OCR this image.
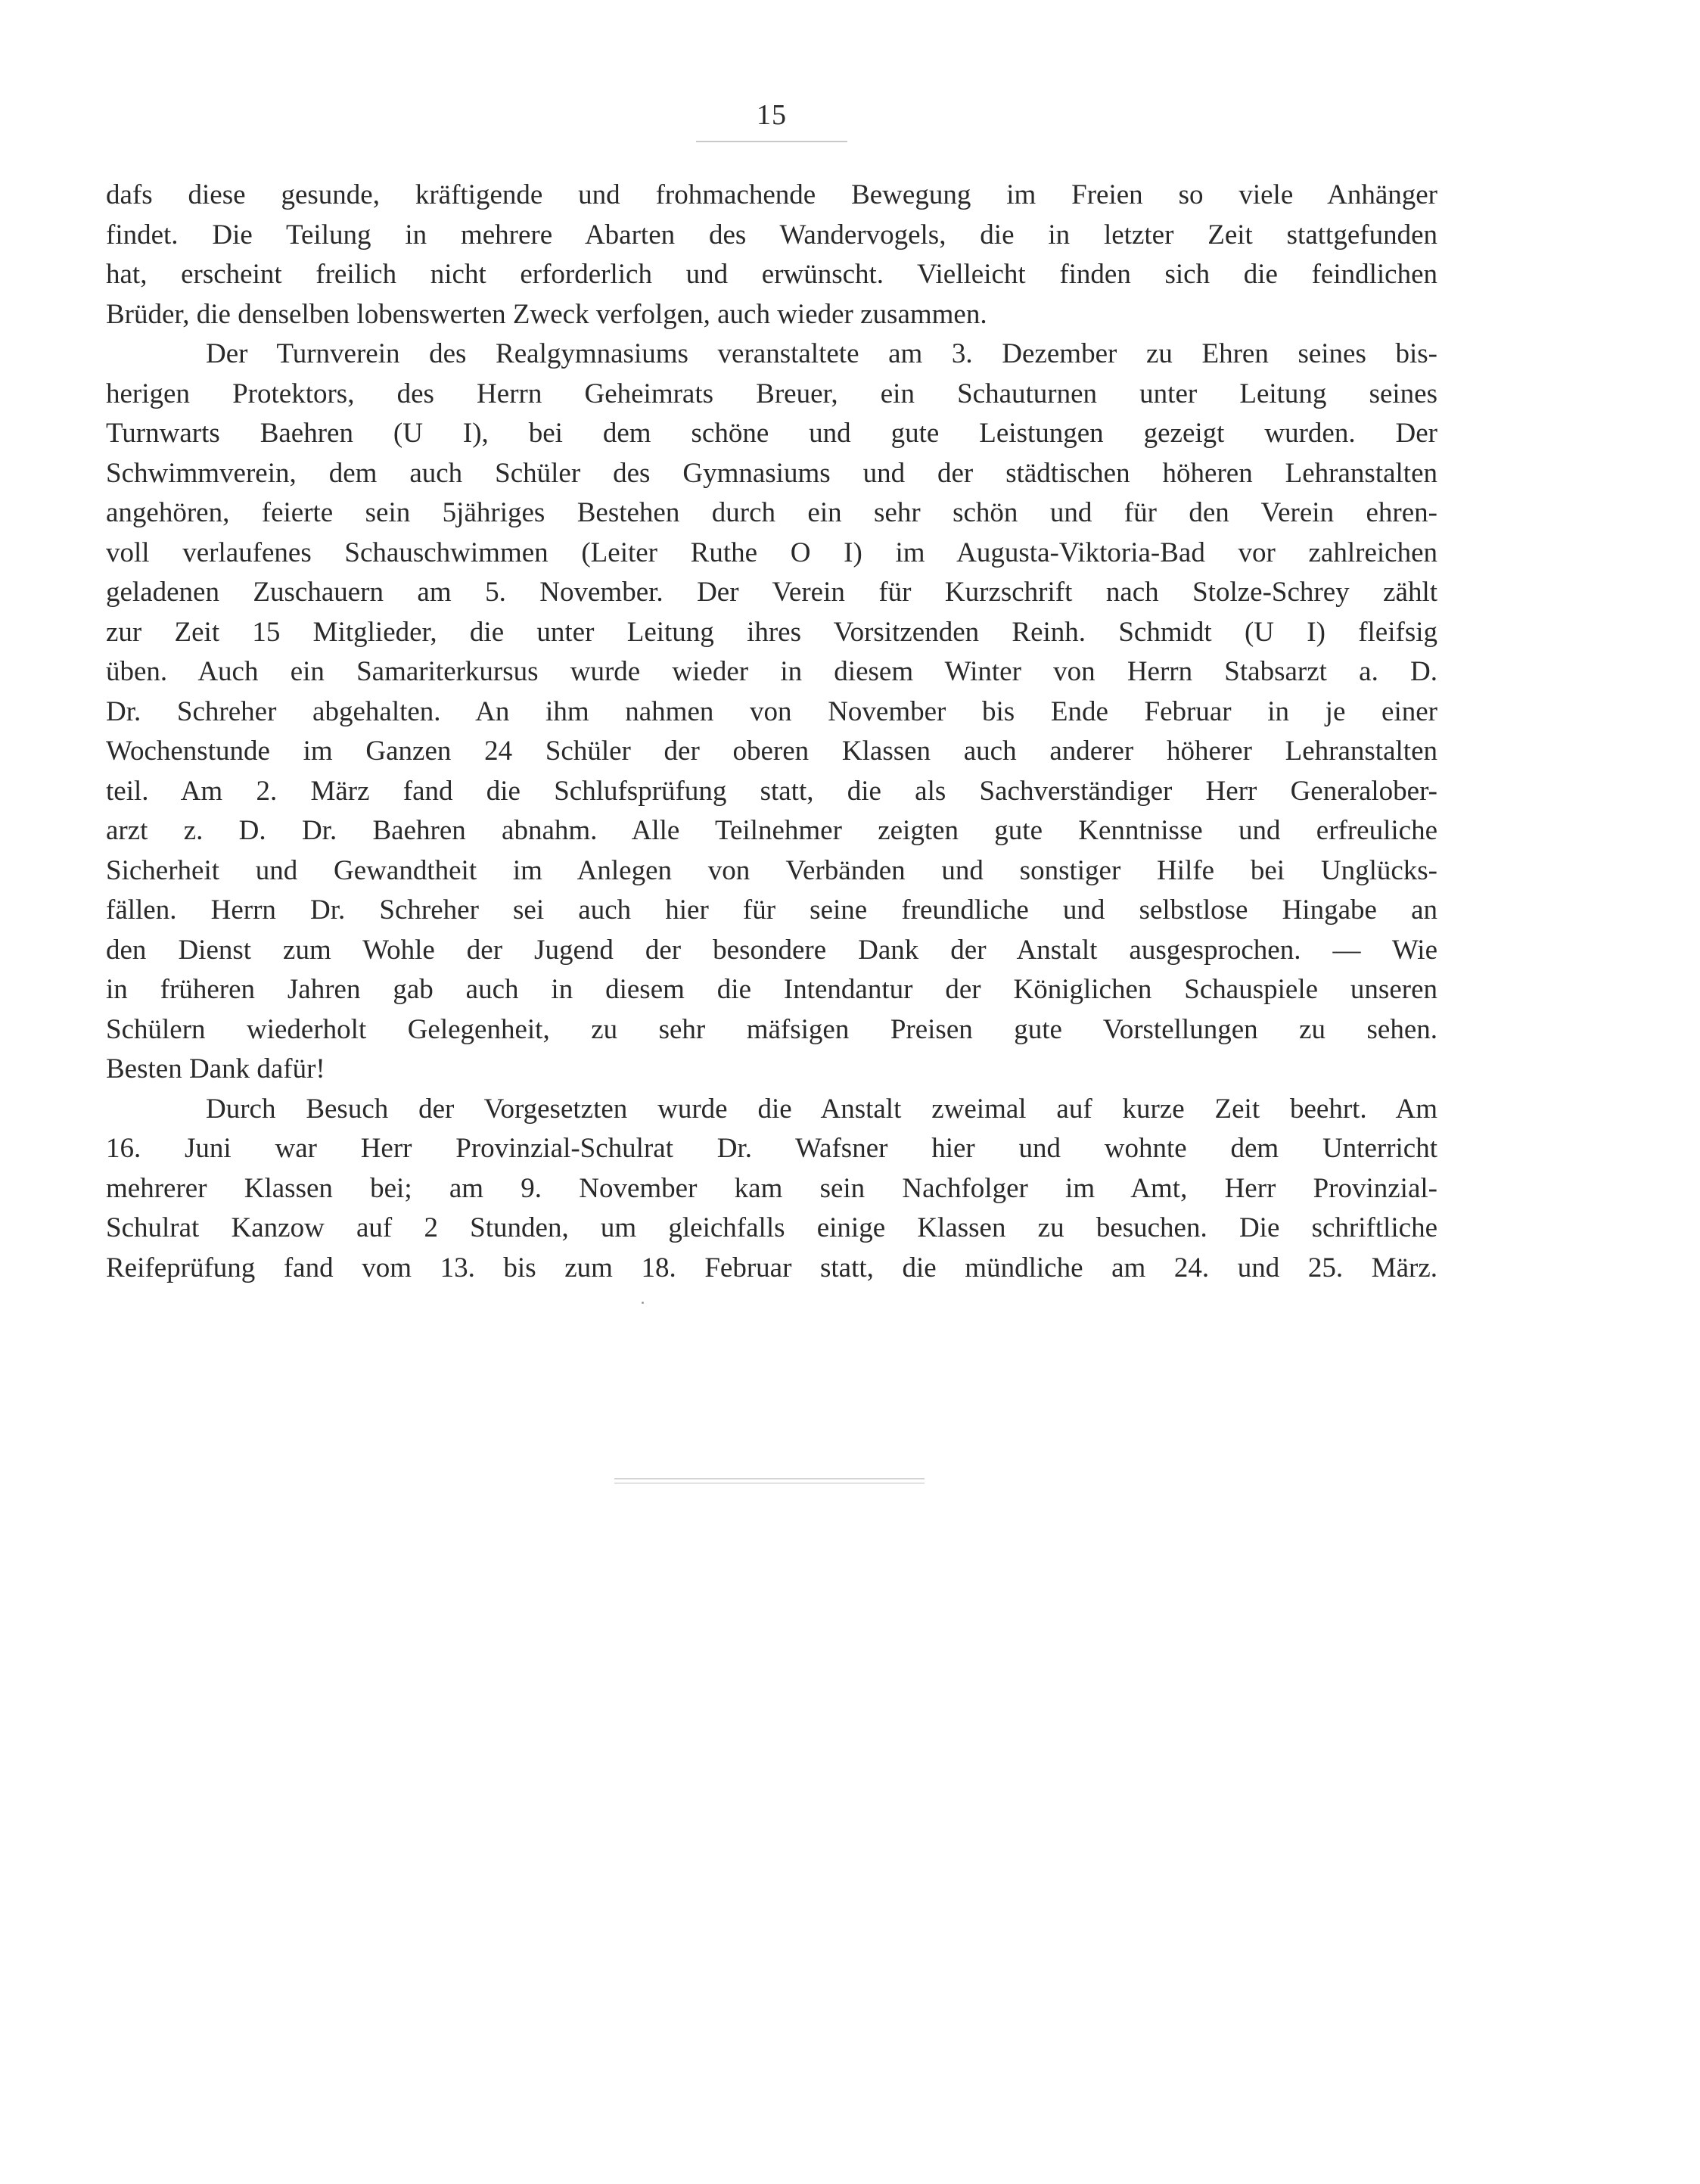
15

dafs diese gesunde, kräftigende und frohmachende Bewegung im Freien so viele Anhänger
findet. Die Teilung in mehrere Abarten des Wandervogels, die in letzter Zeit stattgefunden
hat, erscheint freilich nicht erforderlich und erwünscht. Vielleicht finden sich die feindlichen
Brüder, die denselben lobenswerten Zweck verfolgen, auch wieder zusammen.

Der Turnverein des Realgymnasiums veranstaltete am 3. Dezember zu Ehren seines bis-
herigen Protektors, des Herrn Geheimrats Breuer, ein Schauturnen unter Leitung seines
Turnwarts Baehren (U I), bei dem schöne und gute Leistungen gezeigt wurden. Der
Schwimmverein, dem auch Schüler des Gymnasiums und der städtischen höheren Lehranstalten
angehören, feierte sein 5jähriges Bestehen durch ein sehr schön und für den Verein ehren-
voll verlaufenes Schauschwimmen (Leiter Ruthe O I) im Augusta-Viktoria-Bad vor zahlreichen
geladenen Zuschauern am 5. November. Der Verein für Kurzschrift nach Stolze-Schrey zählt
zur Zeit 15 Mitglieder, die unter Leitung ihres Vorsitzenden Reinh. Schmidt (U I) fleifsig
üben. Auch ein Samariterkursus wurde wieder in diesem Winter von Herrn Stabsarzt a. D.
Dr. Schreher abgehalten. An ihm nahmen von November bis Ende Februar in je einer
Wochenstunde im Ganzen 24 Schüler der oberen Klassen auch anderer höherer Lehranstalten
teil. Am 2. März fand die Schlufsprüfung statt, die als Sachverständiger Herr Generalober-
arzt z. D. Dr. Baehren abnahm. Alle Teilnehmer zeigten gute Kenntnisse und erfreuliche
Sicherheit und Gewandtheit im Anlegen von Verbänden und sonstiger Hilfe bei Unglücks-
fällen. Herrn Dr. Schreher sei auch hier für seine freundliche und selbstlose Hingabe an
den Dienst zum Wohle der Jugend der besondere Dank der Anstalt ausgesprochen. — Wie
in früheren Jahren gab auch in diesem die Intendantur der Königlichen Schauspiele unseren
Schülern wiederholt Gelegenheit, zu sehr mäfsigen Preisen gute Vorstellungen zu sehen.
Besten Dank dafür!

Durch Besuch der Vorgesetzten wurde die Anstalt zweimal auf kurze Zeit beehrt. Am
16. Juni war Herr Provinzial-Schulrat Dr. Wafsner hier und wohnte dem Unterricht
mehrerer Klassen bei; am 9. November kam sein Nachfolger im Amt, Herr Provinzial-
Schulrat Kanzow auf 2 Stunden, um gleichfalls einige Klassen zu besuchen. Die schriftliche
Reifeprüfung fand vom 13. bis zum 18. Februar statt, die mündliche am 24. und 25. März.
